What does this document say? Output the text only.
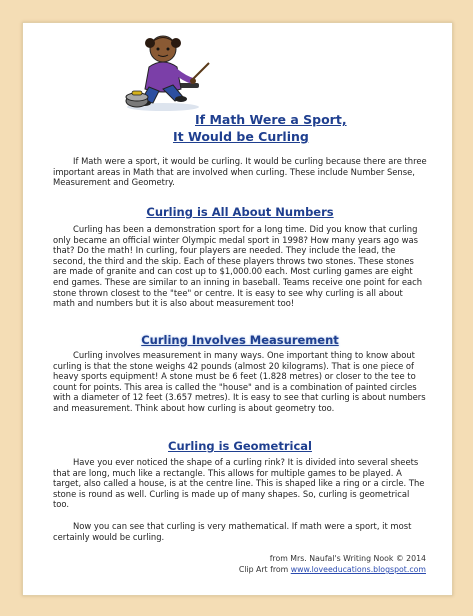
If Math Were a Sport,
It Would be Curling

If Math were a sport, it would be curling. It would be curling because there are three important areas in Math that are involved when curling. These include Number Sense, Measurement and Geometry.

Curling is All About Numbers

Curling has been a demonstration sport for a long time. Did you know that curling only became an official winter Olympic medal sport in 1998? How many years ago was that? Do the math! In curling, four players are needed. They include the lead, the second, the third and the skip. Each of these players throws two stones. These stones are made of granite and can cost up to $1,000.00 each. Most curling games are eight end games. These are similar to an inning in baseball. Teams receive one point for each stone thrown closest to the "tee" or centre. It is easy to see why curling is all about math and numbers but it is also about measurement too!

Curling Involves Measurement

Curling involves measurement in many ways. One important thing to know about curling is that the stone weighs 42 pounds (almost 20 kilograms). That is one piece of heavy sports equipment! A stone must be 6 feet (1.828 metres) or closer to the tee to count for points. This area is called the "house" and is a combination of painted circles with a diameter of 12 feet (3.657 metres). It is easy to see that curling is about numbers and measurement. Think about how curling is about geometry too.

Curling is Geometrical

Have you ever noticed the shape of a curling rink? It is divided into several sheets that are long, much like a rectangle. This allows for multiple games to be played. A target, also called a house, is at the centre line. This is shaped like a ring or a circle. The stone is round as well. Curling is made up of many shapes. So, curling is geometrical too.

Now you can see that curling is very mathematical. If math were a sport, it most certainly would be curling.

from Mrs. Naufal's Writing Nook © 2014
Clip Art from www.loveeducations.blogspot.com
